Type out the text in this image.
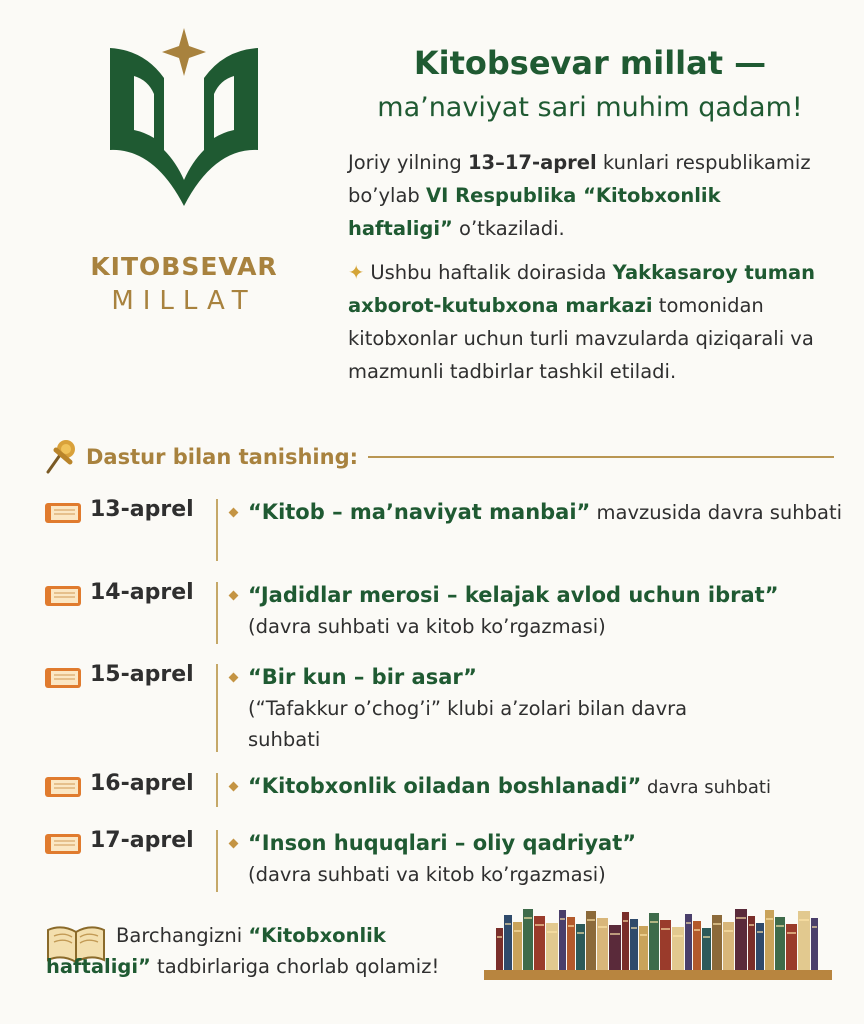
KITOBSEVAR
MILLAT
Kitobsevar millat —
ma’naviyat sari muhim qadam!
Joriy yilning 13–17-aprel kunlari respublikamiz bo’ylab VI Respublika “Kitobxonlik haftaligi” o’tkaziladi.
✦ Ushbu haftalik doirasida Yakkasaroy tuman axborot-kutubxona markazi tomonidan kitobxonlar uchun turli mavzularda qiziqarali va mazmunli tadbirlar tashkil etiladi.
Dastur bilan tanishing:
13-aprel	“Kitob – ma’naviyat manbai” mavzusida davra suhbati
14-aprel	“Jadidlar merosi – kelajak avlod uchun ibrat”
(davra suhbati va kitob ko’rgazmasi)
15-aprel	“Bir kun – bir asar”
(“Tafakkur o’chog’i” klubi a’zolari bilan davra suhbati
16-aprel	“Kitobxonlik oiladan boshlanadi” davra suhbati
17-aprel	“Inson huquqlari – oliy qadriyat”
(davra suhbati va kitob ko’rgazmasi)
Barchangizni “Kitobxonlik haftaligi” tadbirlariga chorlab qolamiz!
